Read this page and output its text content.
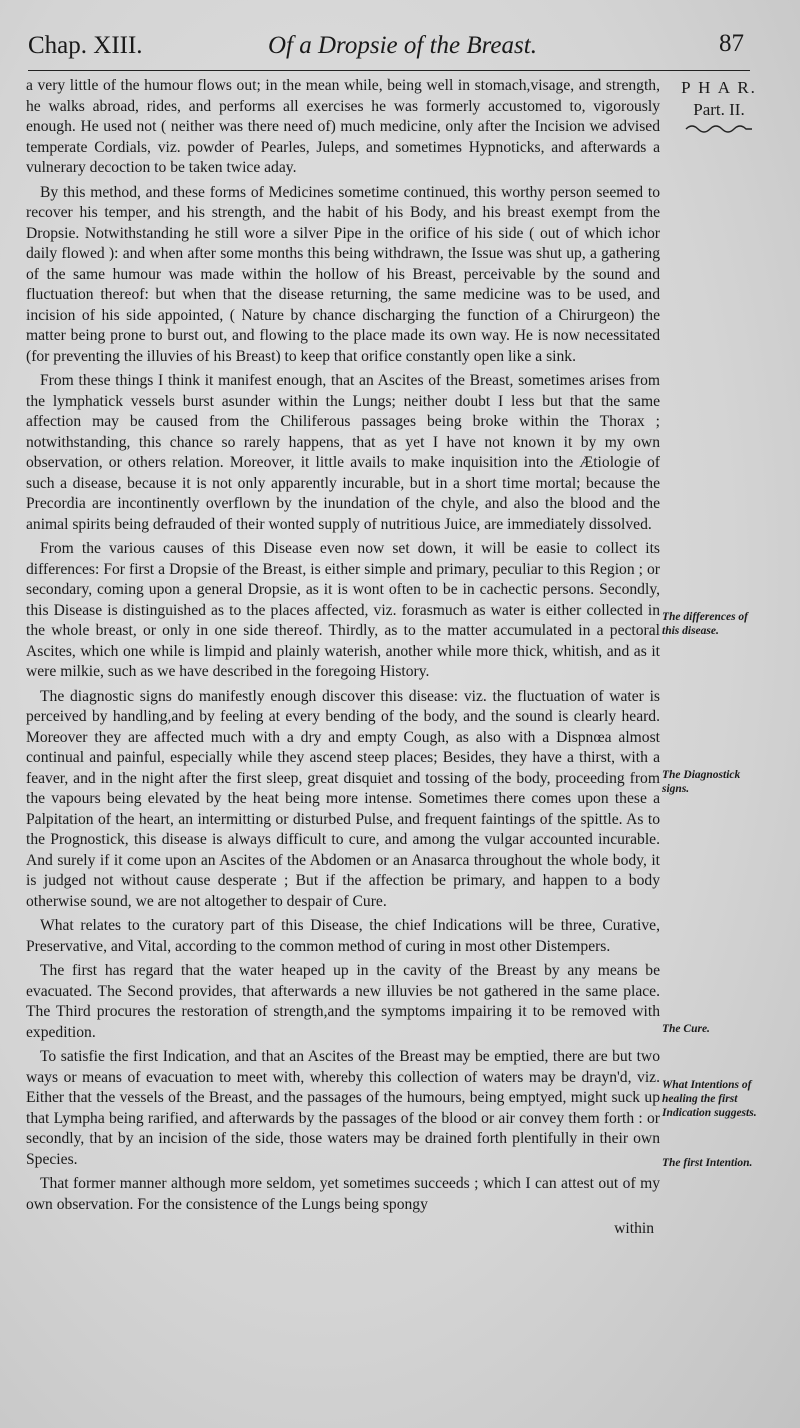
Chap. XIII.	Of a Dropsie of the Breast.	87
P H A R.
Part. II.

a very little of the humour flows out; in the mean while, being well in stomach,visage, and strength, he walks abroad, rides, and performs all exercises he was formerly accustomed to, vigorously enough. He used not ( neither was there need of) much medicine, only after the Incision we advised temperate Cordials, viz. powder of Pearles, Juleps, and sometimes Hypnoticks, and afterwards a vulnerary decoction to be taken twice aday.

By this method, and these forms of Medicines sometime continued, this worthy person seemed to recover his temper, and his strength, and the habit of his Body, and his breast exempt from the Dropsie. Notwithstanding he still wore a silver Pipe in the orifice of his side ( out of which ichor daily flowed ): and when after some months this being withdrawn, the Issue was shut up, a gathering of the same humour was made within the hollow of his Breast, perceivable by the sound and fluctuation thereof: but when that the disease returning, the same medicine was to be used, and incision of his side appointed, ( Nature by chance discharging the function of a Chirurgeon) the matter being prone to burst out, and flowing to the place made its own way. He is now necessitated (for preventing the illuvies of his Breast) to keep that orifice constantly open like a sink.

From these things I think it manifest enough, that an Ascites of the Breast, sometimes arises from the lymphatick vessels burst asunder within the Lungs; neither doubt I less but that the same affection may be caused from the Chiliferous passages being broke within the Thorax ; notwithstanding, this chance so rarely happens, that as yet I have not known it by my own observation, or others relation. Moreover, it little avails to make inquisition into the Ætiologie of such a disease, because it is not only apparently incurable, but in a short time mortal; because the Precordia are incontinently overflown by the inundation of the chyle, and also the blood and the animal spirits being defrauded of their wonted supply of nutritious Juice, are immediately dissolved.

From the various causes of this Disease even now set down, it will be easie to collect its differences: For first a Dropsie of the Breast, is either simple and primary, peculiar to this Region ; or secondary, coming upon a general Dropsie, as it is wont often to be in cachectic persons. Secondly, this Disease is distinguished as to the places affected, viz. forasmuch as water is either collected in the whole breast, or only in one side thereof. Thirdly, as to the matter accumulated in a pectoral Ascites, which one while is limpid and plainly waterish, another while more thick, whitish, and as it were milkie, such as we have described in the foregoing History.

The diagnostic signs do manifestly enough discover this disease: viz. the fluctuation of water is perceived by handling,and by feeling at every bending of the body, and the sound is clearly heard. Moreover they are affected much with a dry and empty Cough, as also with a Dispnœa almost continual and painful, especially while they ascend steep places; Besides, they have a thirst, with a feaver, and in the night after the first sleep, great disquiet and tossing of the body, proceeding from the vapours being elevated by the heat being more intense. Sometimes there comes upon these a Palpitation of the heart, an intermitting or disturbed Pulse, and frequent faintings of the spittle. As to the Prognostick, this disease is always difficult to cure, and among the vulgar accounted incurable. And surely if it come upon an Ascites of the Abdomen or an Anasarca throughout the whole body, it is judged not without cause desperate ; But if the affection be primary, and happen to a body otherwise sound, we are not altogether to despair of Cure.

What relates to the curatory part of this Disease, the chief Indications will be three, Curative, Preservative, and Vital, according to the common method of curing in most other Distempers.

The first has regard that the water heaped up in the cavity of the Breast by any means be evacuated. The Second provides, that afterwards a new illuvies be not gathered in the same place. The Third procures the restoration of strength,and the symptoms impairing it to be removed with expedition.

To satisfie the first Indication, and that an Ascites of the Breast may be emptied, there are but two ways or means of evacuation to meet with, whereby this collection of waters may be drayn'd, viz. Either that the vessels of the Breast, and the passages of the humours, being emptyed, might suck up that Lympha being rarified, and afterwards by the passages of the blood or air convey them forth : or secondly, that by an incision of the side, those waters may be drained forth plentifully in their own Species.

That former manner although more seldom, yet sometimes succeeds ; which I can attest out of my own observation. For the consistence of the Lungs being spongy

within

The differences of this disease.
The Diagnostick signs.
The Cure.
What Intentions of healing the first Indication suggests.
The first Intention.
